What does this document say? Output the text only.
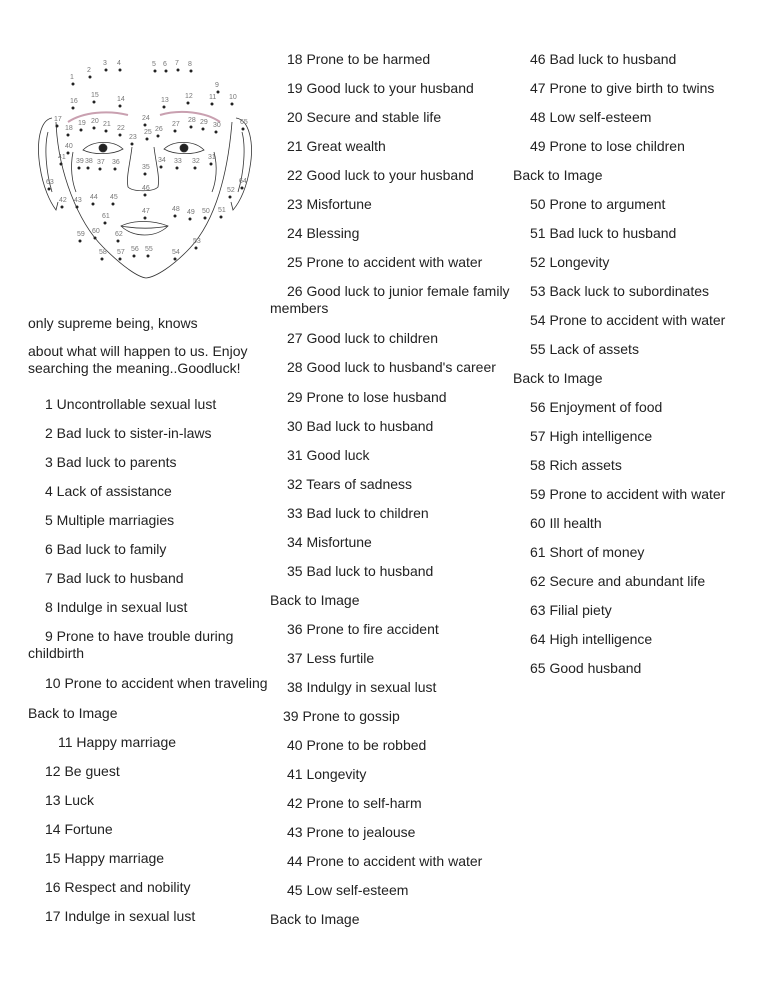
1
2
3 4	5 6 7 8
9
10
11
12
13
14
15
16
17
18
19 20 21
22
23
24
25 26
27
28 29 30
31
32
33
34
35
36
37
38
39
40
41
42 43 44 45
46
47	48 49 50 51
52
53
54
55
56
57
58
59 60
61
62
63	64
65
only supreme being, knows
about what will happen to us. Enjoy searching the meaning..Goodluck!
1 Uncontrollable sexual lust
2 Bad luck to sister-in-laws
3 Bad luck to parents
4 Lack of assistance
5 Multiple marriagies
6 Bad luck to family
7 Bad luck to husband
8 Indulge in sexual lust
9 Prone to have trouble during childbirth
10 Prone to accident when traveling
Back to Image
11 Happy marriage
12 Be guest
13 Luck
14 Fortune
15 Happy marriage
16 Respect and nobility
17 Indulge in sexual lust
18 Prone to be harmed
19 Good luck to your husband
20 Secure and stable life
21 Great wealth
22 Good luck to your husband
23 Misfortune
24 Blessing
25 Prone to accident with water
26 Good luck to junior female family members
27 Good luck to children
28 Good luck to husband's career
29 Prone to lose husband
30 Bad luck to husband
31 Good luck
32 Tears of sadness
33 Bad luck to children
34 Misfortune
35 Bad luck to husband
Back to Image
36 Prone to fire accident
37 Less furtile
38 Indulgy in sexual lust
39 Prone to gossip
40 Prone to be robbed
41 Longevity
42 Prone to self-harm
43 Prone to jealouse
44 Prone to accident with water
45 Low self-esteem
Back to Image
46 Bad luck to husband
47 Prone to give birth to twins
48 Low self-esteem
49 Prone to lose children
Back to Image
50 Prone to argument
51 Bad luck to husband
52 Longevity
53 Back luck to subordinates
54 Prone to accident with water
55 Lack of assets
Back to Image
56 Enjoyment of food
57 High intelligence
58 Rich assets
59 Prone to accident with water
60 Ill health
61 Short of money
62 Secure and abundant life
63 Filial piety
64 High intelligence
65 Good husband
